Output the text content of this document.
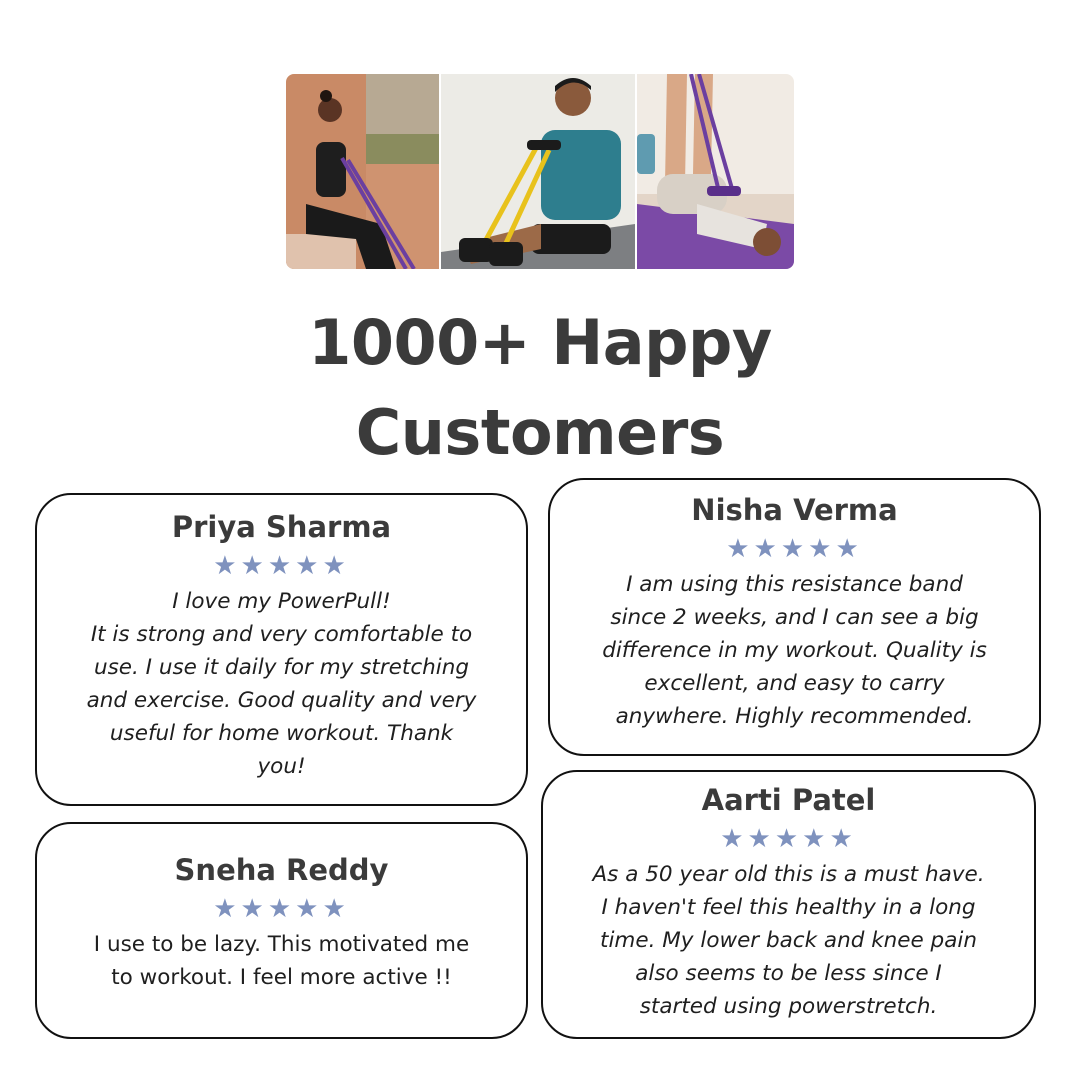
1000+ Happy
Customers

Priya Sharma

★★★★★

I love my PowerPull!
It is strong and very comfortable to
use. I use it daily for my stretching
and exercise. Good quality and very
useful for home workout. Thank
you!

Nisha Verma

★★★★★

I am using this resistance band
since 2 weeks, and I can see a big
difference in my workout. Quality is
excellent, and easy to carry
anywhere. Highly recommended.

Sneha Reddy

★★★★★

I use to be lazy. This motivated me
to workout. I feel more active !!

Aarti Patel

★★★★★

As a 50 year old this is a must have.
I haven't feel this healthy in a long
time. My lower back and knee pain
also seems to be less since I
started using powerstretch.
